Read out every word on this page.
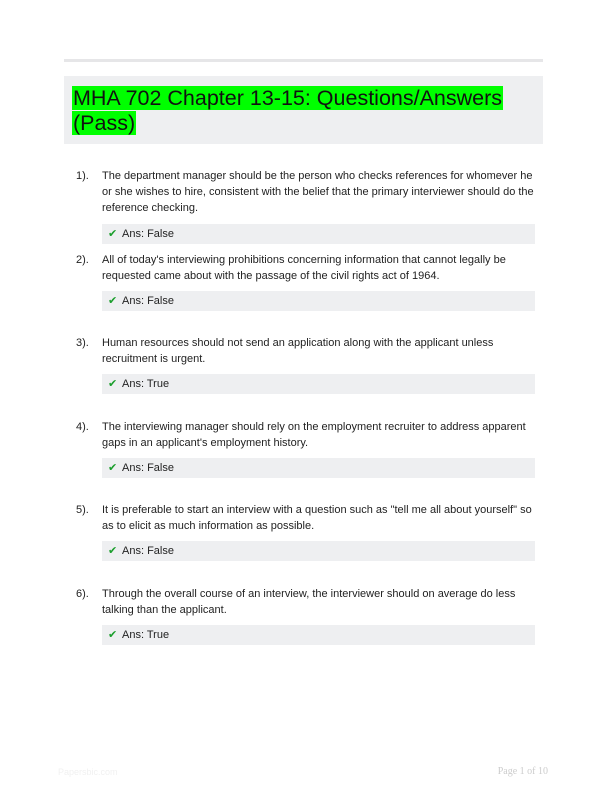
MHA 702 Chapter 13-15: Questions/Answers (Pass)
1). The department manager should be the person who checks references for whomever he or she wishes to hire, consistent with the belief that the primary interviewer should do the reference checking.
✔ Ans: False
2). All of today's interviewing prohibitions concerning information that cannot legally be requested came about with the passage of the civil rights act of 1964.
✔ Ans: False
3). Human resources should not send an application along with the applicant unless recruitment is urgent.
✔ Ans: True
4). The interviewing manager should rely on the employment recruiter to address apparent gaps in an applicant's employment history.
✔ Ans: False
5). It is preferable to start an interview with a question such as "tell me all about yourself" so as to elicit as much information as possible.
✔ Ans: False
6). Through the overall course of an interview, the interviewer should on average do less talking than the applicant.
✔ Ans: True
Papersbic.com	Page 1 of 10
